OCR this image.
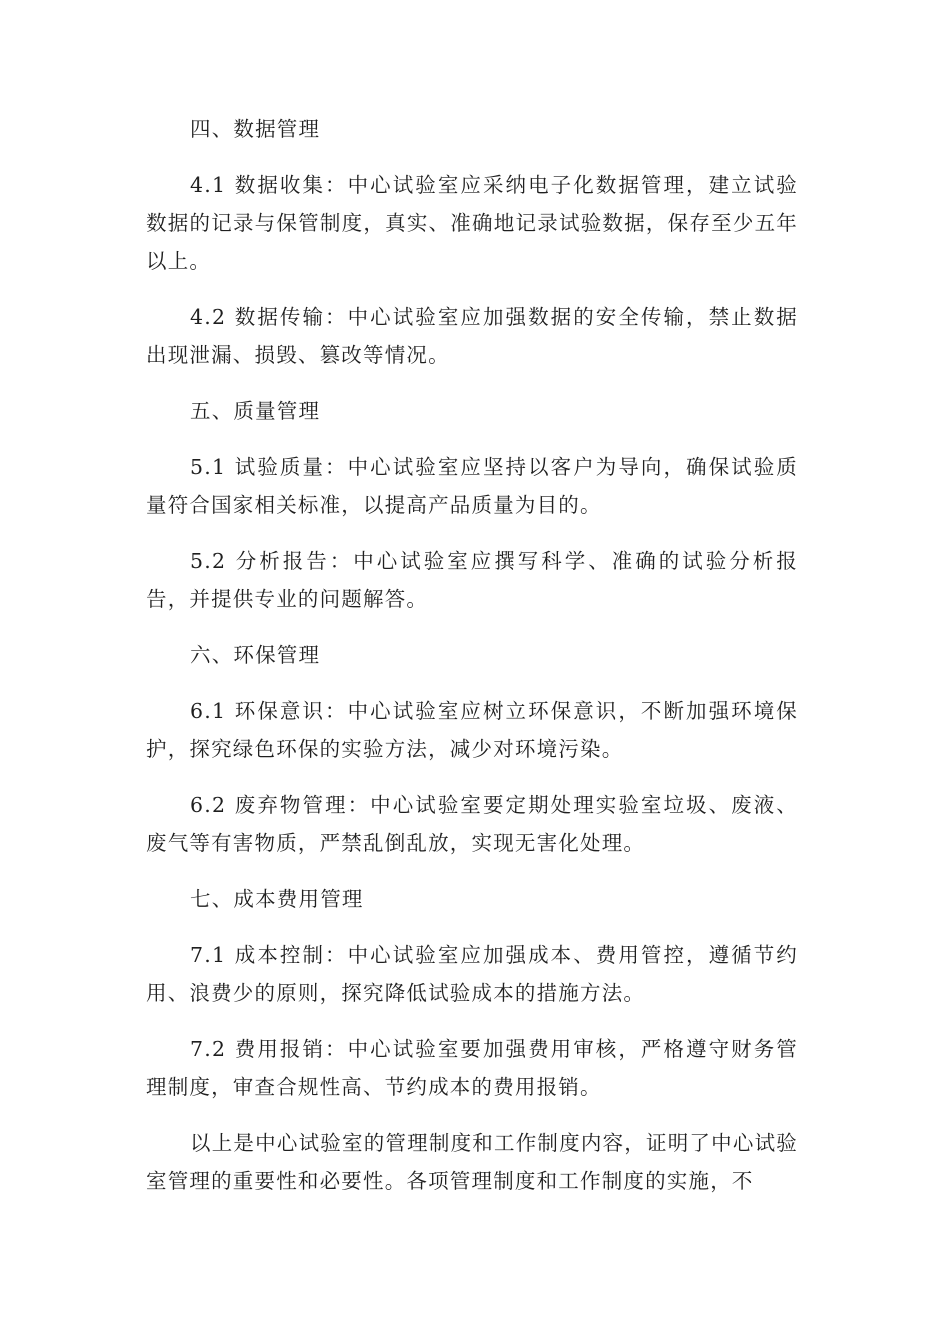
四、数据管理

4.1 数据收集：中心试验室应采纳电子化数据管理，建立试验数据的记录与保管制度，真实、准确地记录试验数据，保存至少五年以上。

4.2 数据传输：中心试验室应加强数据的安全传输，禁止数据出现泄漏、损毁、篡改等情况。

五、质量管理

5.1 试验质量：中心试验室应坚持以客户为导向，确保试验质量符合国家相关标准，以提高产品质量为目的。

5.2 分析报告：中心试验室应撰写科学、准确的试验分析报告，并提供专业的问题解答。

六、环保管理

6.1 环保意识：中心试验室应树立环保意识，不断加强环境保护，探究绿色环保的实验方法，减少对环境污染。

6.2 废弃物管理：中心试验室要定期处理实验室垃圾、废液、废气等有害物质，严禁乱倒乱放，实现无害化处理。

七、成本费用管理

7.1 成本控制：中心试验室应加强成本、费用管控，遵循节约用、浪费少的原则，探究降低试验成本的措施方法。

7.2 费用报销：中心试验室要加强费用审核，严格遵守财务管理制度，审查合规性高、节约成本的费用报销。

以上是中心试验室的管理制度和工作制度内容，证明了中心试验室管理的重要性和必要性。各项管理制度和工作制度的实施，不
